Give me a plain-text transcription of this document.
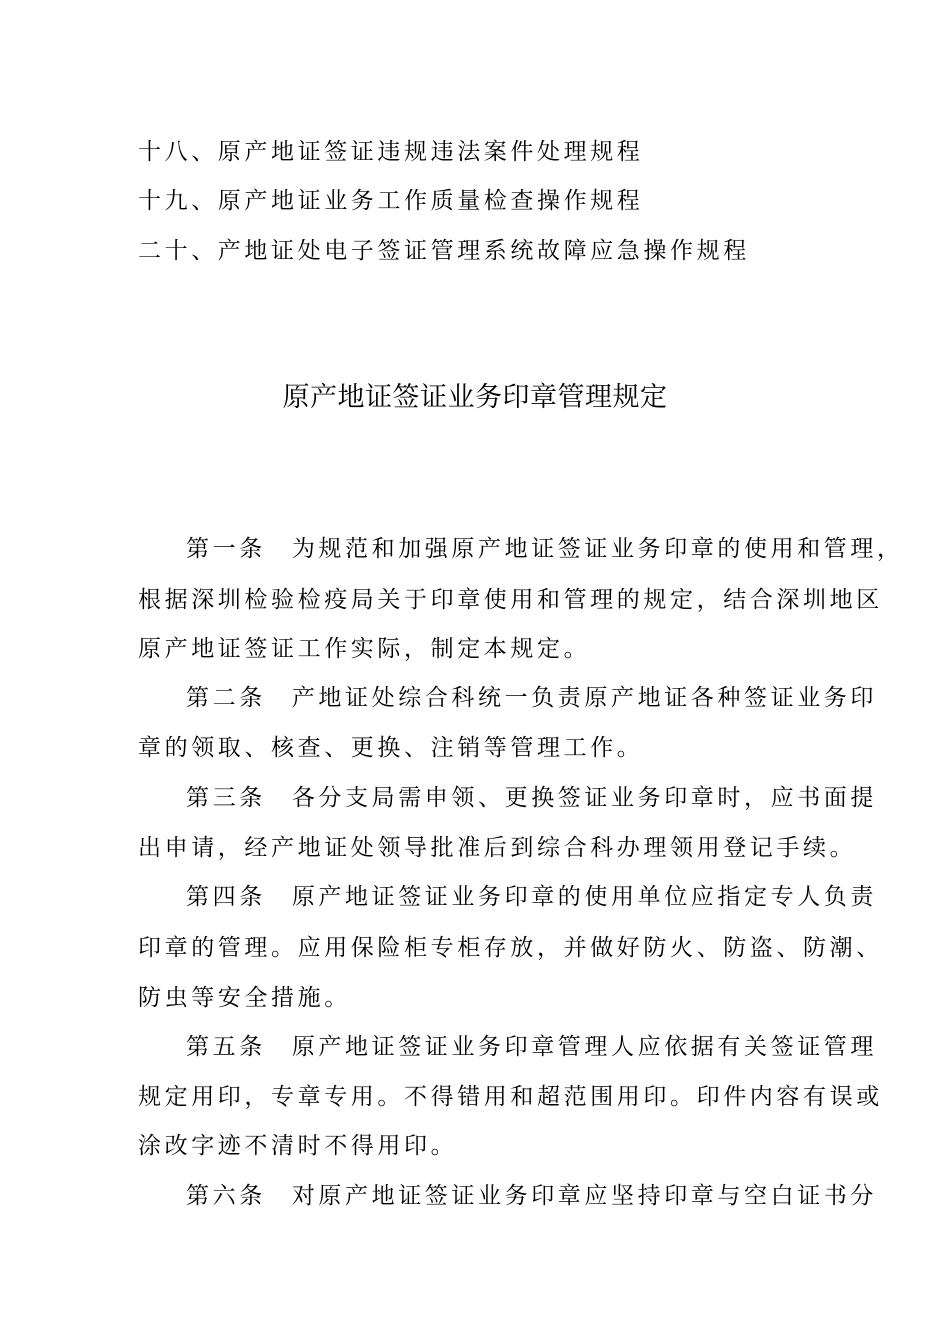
十八、原产地证签证违规违法案件处理规程
十九、原产地证业务工作质量检查操作规程
二十、产地证处电子签证管理系统故障应急操作规程
原产地证签证业务印章管理规定
第一条 为规范和加强原产地证签证业务印章的使用和管理，
根据深圳检验检疫局关于印章使用和管理的规定，结合深圳地区
原产地证签证工作实际，制定本规定。
第二条 产地证处综合科统一负责原产地证各种签证业务印
章的领取、核查、更换、注销等管理工作。
第三条 各分支局需申领、更换签证业务印章时，应书面提
出申请，经产地证处领导批准后到综合科办理领用登记手续。
第四条 原产地证签证业务印章的使用单位应指定专人负责
印章的管理。应用保险柜专柜存放，并做好防火、防盗、防潮、
防虫等安全措施。
第五条 原产地证签证业务印章管理人应依据有关签证管理
规定用印，专章专用。不得错用和超范围用印。印件内容有误或
涂改字迹不清时不得用印。
第六条 对原产地证签证业务印章应坚持印章与空白证书分
